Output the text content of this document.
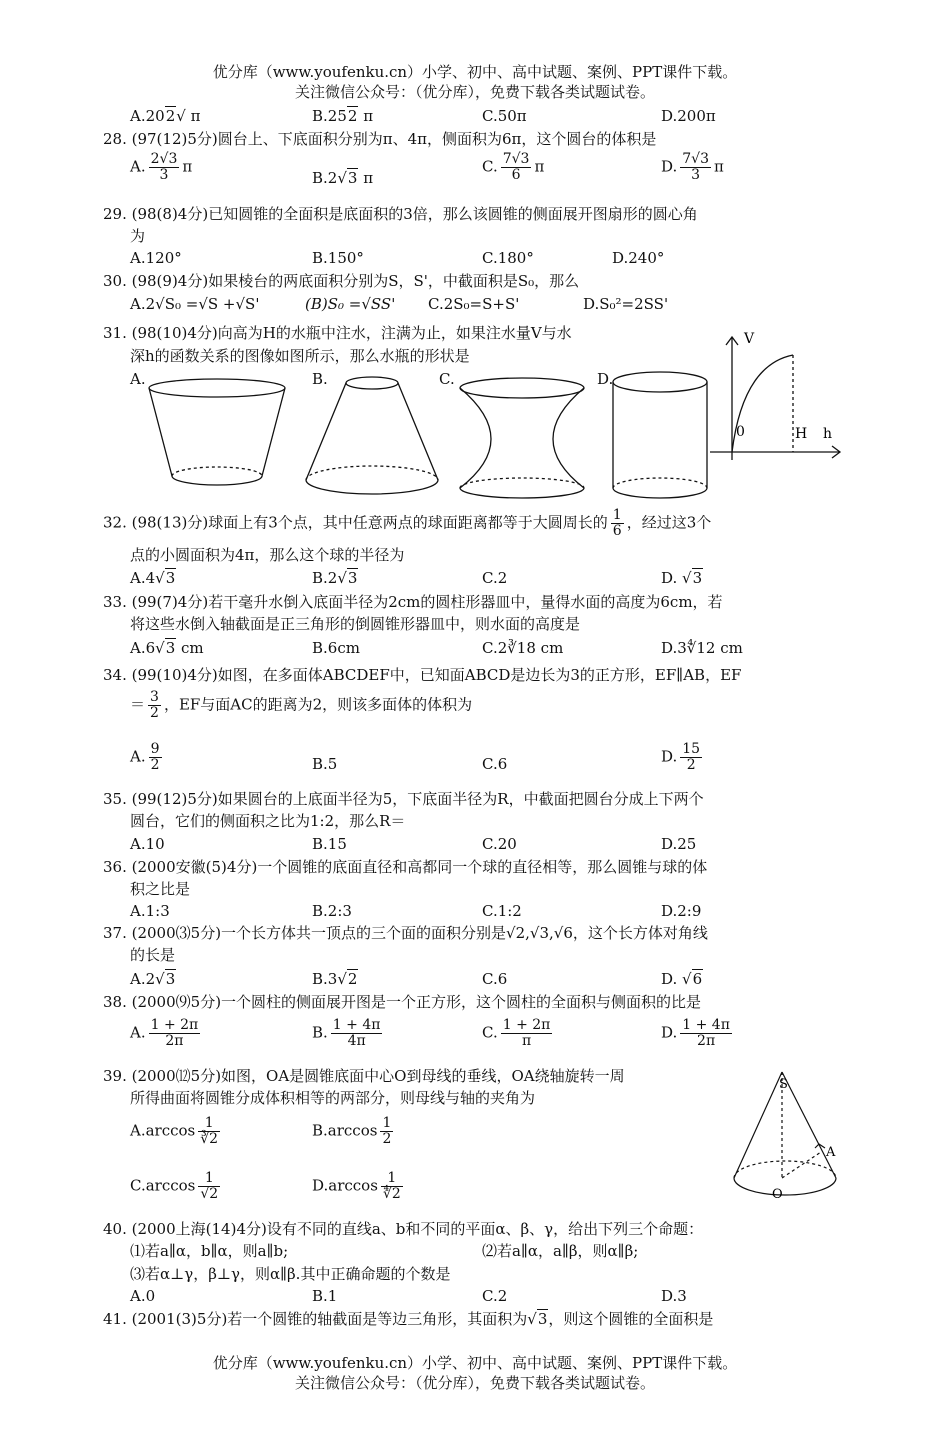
优分库（www.youfenku.cn）小学、初中、高中试题、案例、PPT课件下载。
关注微信公众号：（优分库），免费下载各类试题试卷。
A.202√ π	B.252 π	C.50π	D.200π
28. (97(12)5分)圆台上、下底面积分别为π、4π，侧面积为6π，这个圆台的体积是
A. $\frac{2√3}{3}$ π
B.2√3 π
C. $\frac{7√3}{6}$ π	D. $\frac{7√3}{3}$ π
29. (98(8)4分)已知圆锥的全面积是底面积的3倍，那么该圆锥的侧面展开图扇形的圆心角
为
A.120°	B.150°	C.180°	D.240°
30. (98(9)4分)如果棱台的两底面积分别为S，S'，中截面积是S₀，那么
A.2√S₀ =√S +√S'	(B)S₀ =√SS' C.2S₀=S+S'	D.S₀²=2SS'
31. (98(10)4分)向高为H的水瓶中注水，注满为止，如果注水量V与水
深h的函数关系的图像如图所示，那么水瓶的形状是
A.	B.	C.	D.
V
0	H h
32. (98(13)分)球面上有3个点，其中任意两点的球面距离都等于大圆周长的 $\frac{1}{6}$ ，经过这3个
点的小圆面积为4π，那么这个球的半径为
A.4√3	B.2√3	C.2	D. √3
33. (99(7)4分)若干毫升水倒入底面半径为2cm的圆柱形器皿中，量得水面的高度为6cm，若
将这些水倒入轴截面是正三角形的倒圆锥形器皿中，则水面的高度是
A.6√3 cm	B.6cm	C.2∛18 cm	D.3∜12 cm
34. (99(10)4分)如图，在多面体ABCDEF中，已知面ABCD是边长为3的正方形，EF∥AB，EF
＝ $\frac{3}{2}$ ，EF与面AC的距离为2，则该多面体的体积为
A. $\frac{9}{2}$	B.5	C.6	D. $\frac{15}{2}$
35. (99(12)5分)如果圆台的上底面半径为5，下底面半径为R，中截面把圆台分成上下两个
圆台，它们的侧面积之比为1:2，那么R＝
A.10	B.15	C.20	D.25
36. (2000安徽(5)4分)一个圆锥的底面直径和高都同一个球的直径相等，那么圆锥与球的体
积之比是
A.1:3	B.2:3	C.1:2	D.2:9
37. (2000⑶5分)一个长方体共一顶点的三个面的面积分别是√2,√3,√6，这个长方体对角线
的长是
A.2√3	B.3√2	C.6	D. √6
38. (2000⑼5分)一个圆柱的侧面展开图是一个正方形，这个圆柱的全面积与侧面积的比是
A. $\frac{1 + 2\pi}{2\pi}$	B. $\frac{1 + 4\pi}{4\pi}$	C. $\frac{1 + 2\pi}{\pi}$	D. $\frac{1 + 4\pi}{2\pi}$
39. (2000⑿5分)如图，OA是圆锥底面中心O到母线的垂线，OA绕轴旋转一周
所得曲面将圆锥分成体积相等的两部分，则母线与轴的夹角为
$A.\arccos \frac{1}{∛2}$	$B.\arccos \frac{1}{2}$
$C.\arccos \frac{1}{√2}$	$D.\arccos \frac{1}{∜2}$
S
A
O
40. (2000上海(14)4分)设有不同的直线a、b和不同的平面α、β、γ，给出下列三个命题：
⑴若a∥α，b∥α，则a∥b;	⑵若a∥α，a∥β，则α∥β;
⑶若α⊥γ，β⊥γ，则α∥β.其中正确命题的个数是
A.0	B.1	C.2	D.3
41. (2001(3)5分)若一个圆锥的轴截面是等边三角形，其面积为√3，则这个圆锥的全面积是
优分库（www.youfenku.cn）小学、初中、高中试题、案例、PPT课件下载。
关注微信公众号：（优分库），免费下载各类试题试卷。
